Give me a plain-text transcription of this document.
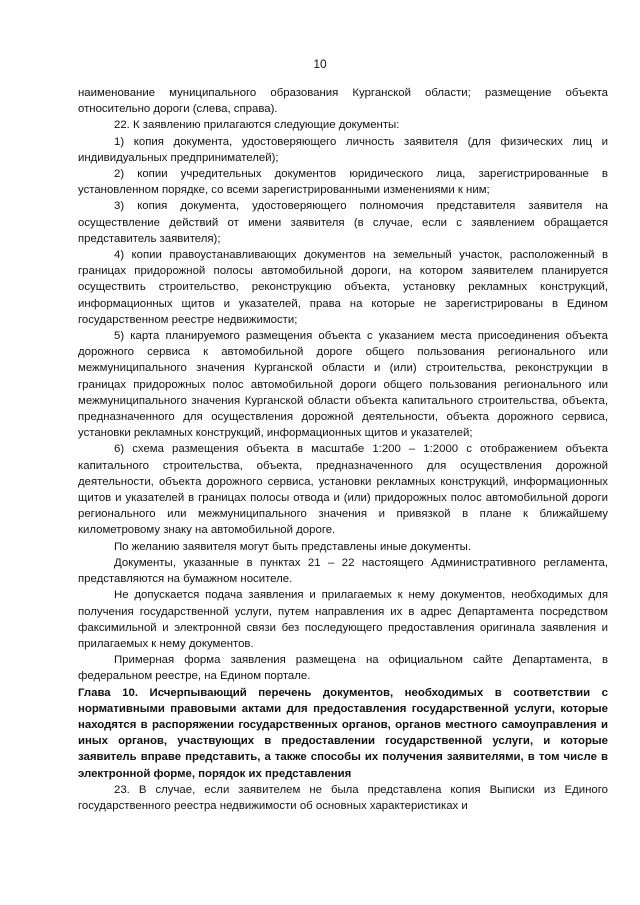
10

наименование муниципального образования Курганской области; размещение объекта относительно дороги (слева, справа).

22. К заявлению прилагаются следующие документы:

1) копия документа, удостоверяющего личность заявителя (для физических лиц и индивидуальных предпринимателей);

2) копии учредительных документов юридического лица, зарегистрированные в установленном порядке, со всеми зарегистрированными изменениями к ним;

3) копия документа, удостоверяющего полномочия представителя заявителя на осуществление действий от имени заявителя (в случае, если с заявлением обращается представитель заявителя);

4) копии правоустанавливающих документов на земельный участок, расположенный в границах придорожной полосы автомобильной дороги, на котором заявителем планируется осуществить строительство, реконструкцию объекта, установку рекламных конструкций, информационных щитов и указателей, права на которые не зарегистрированы в Едином государственном реестре недвижимости;

5) карта планируемого размещения объекта с указанием места присоединения объекта дорожного сервиса к автомобильной дороге общего пользования регионального или межмуниципального значения Курганской области и (или) строительства, реконструкции в границах придорожных полос автомобильной дороги общего пользования регионального или межмуниципального значения Курганской области объекта капитального строительства, объекта, предназначенного для осуществления дорожной деятельности, объекта дорожного сервиса, установки рекламных конструкций, информационных щитов и указателей;

6) схема размещения объекта в масштабе 1:200 – 1:2000 с отображением объекта капитального строительства, объекта, предназначенного для осуществления дорожной деятельности, объекта дорожного сервиса, установки рекламных конструкций, информационных щитов и указателей в границах полосы отвода и (или) придорожных полос автомобильной дороги регионального или межмуниципального значения и привязкой в плане к ближайшему километровому знаку на автомобильной дороге.

По желанию заявителя могут быть представлены иные документы.

Документы, указанные в пунктах 21 – 22 настоящего Административного регламента, представляются на бумажном носителе.

Не допускается подача заявления и прилагаемых к нему документов, необходимых для получения государственной услуги, путем направления их в адрес Департамента посредством факсимильной и электронной связи без последующего предоставления оригинала заявления и прилагаемых к нему документов.

Примерная форма заявления размещена на официальном сайте Департамента, в федеральном реестре, на Едином портале.

Глава 10. Исчерпывающий перечень документов, необходимых в соответствии с нормативными правовыми актами для предоставления государственной услуги, которые находятся в распоряжении государственных органов, органов местного самоуправления и иных органов, участвующих в предоставлении государственной услуги, и которые заявитель вправе представить, а также способы их получения заявителями, в том числе в электронной форме, порядок их представления

23. В случае, если заявителем не была представлена копия Выписки из Единого государственного реестра недвижимости об основных характеристиках и
